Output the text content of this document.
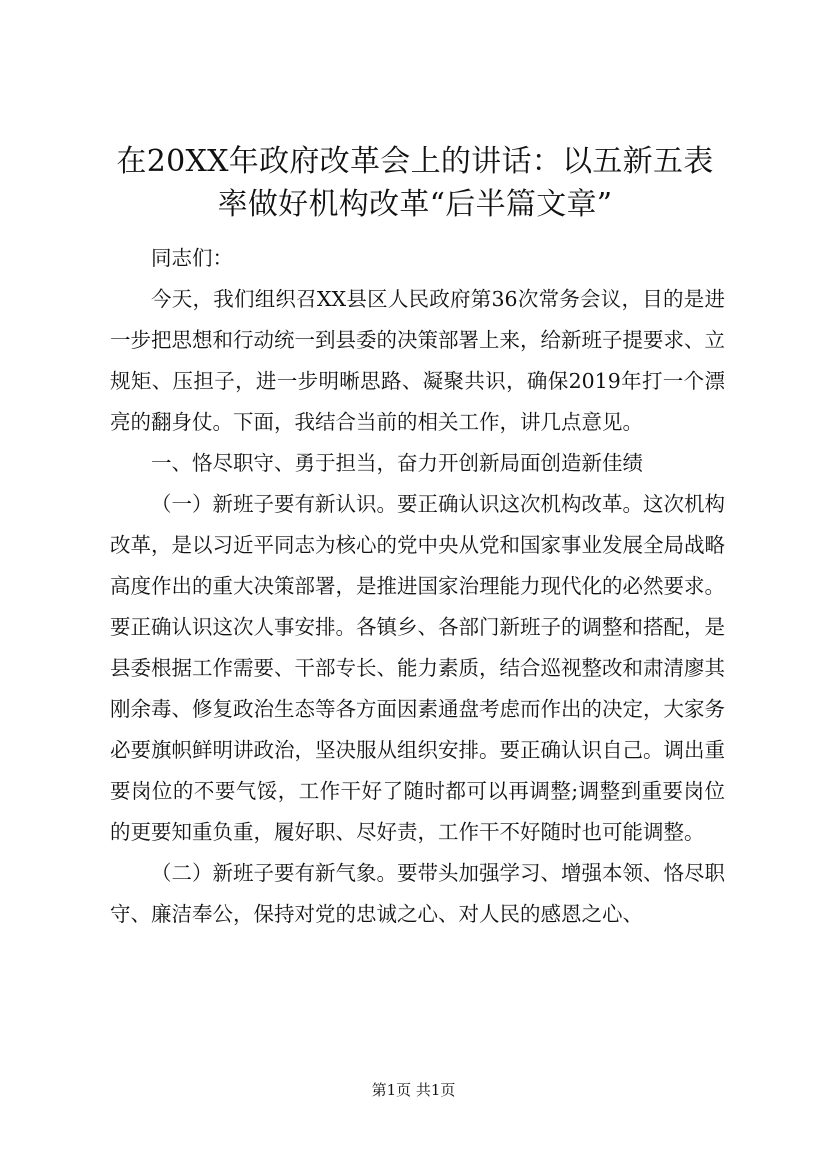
在20XX年政府改革会上的讲话：以五新五表
率做好机构改革“后半篇文章”

同志们：

今天，我们组织召XX县区人民政府第36次常务会议，目的是进一步把思想和行动统一到县委的决策部署上来，给新班子提要求、立规矩、压担子，进一步明晰思路、凝聚共识，确保2019年打一个漂亮的翻身仗。下面，我结合当前的相关工作，讲几点意见。

一、恪尽职守、勇于担当，奋力开创新局面创造新佳绩

（一）新班子要有新认识。要正确认识这次机构改革。这次机构改革，是以习近平同志为核心的党中央从党和国家事业发展全局战略高度作出的重大决策部署，是推进国家治理能力现代化的必然要求。要正确认识这次人事安排。各镇乡、各部门新班子的调整和搭配，是县委根据工作需要、干部专长、能力素质，结合巡视整改和肃清廖其刚余毒、修复政治生态等各方面因素通盘考虑而作出的决定，大家务必要旗帜鲜明讲政治，坚决服从组织安排。要正确认识自己。调出重要岗位的不要气馁，工作干好了随时都可以再调整;调整到重要岗位的更要知重负重，履好职、尽好责，工作干不好随时也可能调整。

（二）新班子要有新气象。要带头加强学习、增强本领、恪尽职守、廉洁奉公，保持对党的忠诚之心、对人民的感恩之心、

第1页 共1页
